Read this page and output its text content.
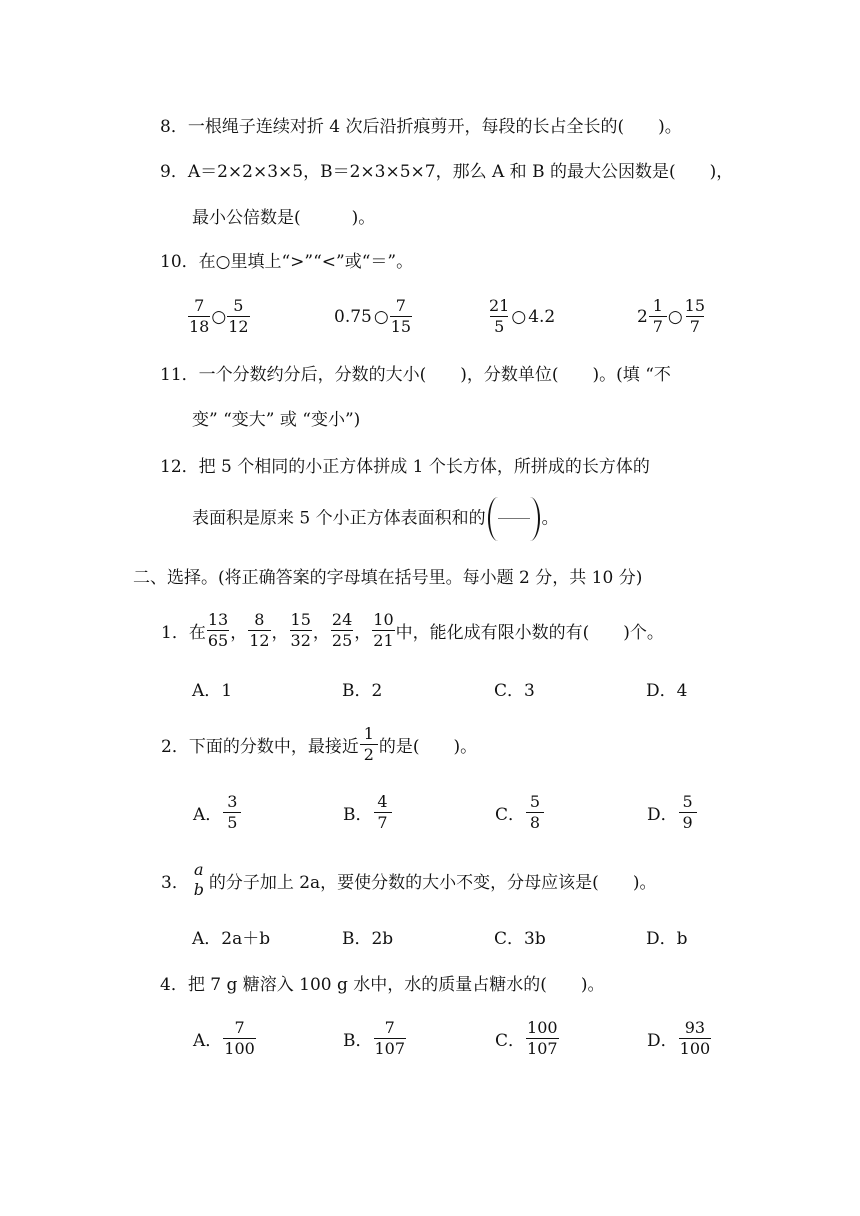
8．一根绳子连续对折 4 次后沿折痕剪开，每段的长占全长的(　　)。
9．A＝2×2×3×5，B＝2×3×5×7，那么 A 和 B 的最大公因数是(　　)，
最小公倍数是(　　　)。
10．在○里填上“>”“<”或“＝”。
$\frac{7}{18}$ ○ $\frac{5}{12}$	0.75 ○ $\frac{7}{15}$	$\frac{21}{5}$ ○ 4.2	$2 \frac{1}{7}$ ○ $\frac{15}{7}$
11．一个分数约分后，分数的大小(　　)，分数单位(　　)。(填 “不
变” “变大” 或 “变小”)
12．把 5 个相同的小正方体拼成 1 个长方体，所拼成的长方体的
表面积是原来 5 个小正方体表面积和的	。
二、选择。(将正确答案的字母填在括号里。每小题 2 分，共 10 分)
1．在 $\frac{13}{65}$ ， $\frac{8}{12}$ ， $\frac{15}{32}$ ， $\frac{24}{25}$ ， $\frac{10}{21}$ 中，能化成有限小数的有(　　)个。
A．1	B．2	C．3	D．4
2．下面的分数中，最接近 $\frac{1}{2}$ 的是(　　)。
A． $\frac{3}{5}$	B． $\frac{4}{7}$	C． $\frac{5}{8}$	D． $\frac{5}{9}$
3．
a
b 的分子加上 2a，要使分数的大小不变，分母应该是(　　)。
A．2a＋b	B．2b	C．3b	D．b
4．把 7 g 糖溶入 100 g 水中，水的质量占糖水的(　　)。
A． $\frac{7}{100}$	B． $\frac{7}{107}$	C． $\frac{100}{107}$	D． $\frac{93}{100}$
